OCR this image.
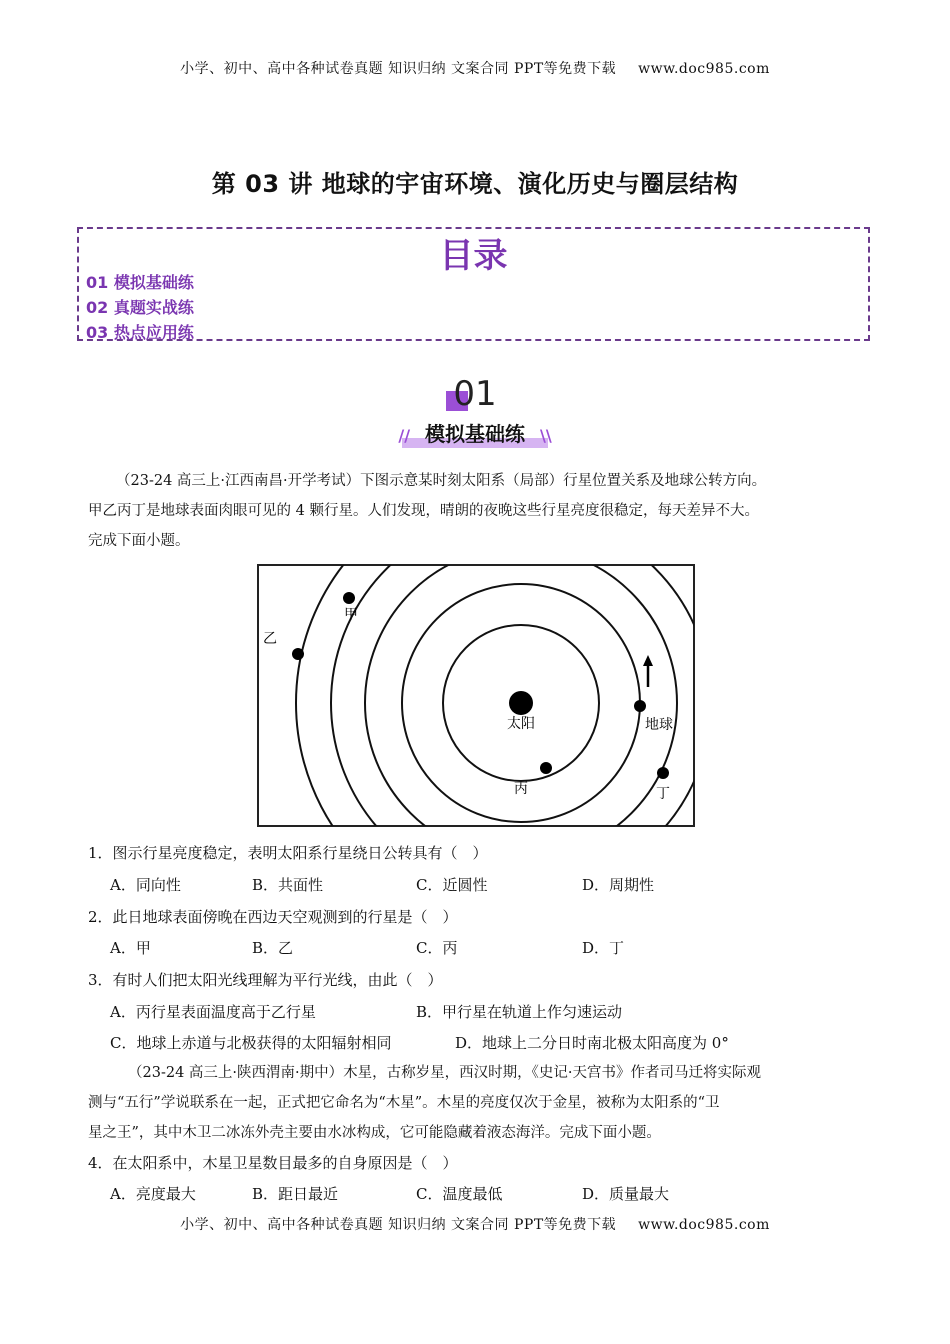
小学、初中、高中各种试卷真题 知识归纳 文案合同 PPT等免费下载 www.doc985.com
第 03 讲 地球的宇宙环境、演化历史与圈层结构
目录
01 模拟基础练
02 真题实战练
03 热点应用练
01
// 模拟基础练 \\
（23-24 高三上·江西南昌·开学考试）下图示意某时刻太阳系（局部）行星位置关系及地球公转方向。
甲乙丙丁是地球表面肉眼可见的 4 颗行星。人们发现，晴朗的夜晚这些行星亮度很稳定，每天差异不大。
完成下面小题。
太阳
丙
地球
甲
乙
丁
1．图示行星亮度稳定，表明太阳系行星绕日公转具有（　）
A．同向性	B．共面性	C．近圆性	D．周期性
2．此日地球表面傍晚在西边天空观测到的行星是（　）
A．甲	B．乙	C．丙	D．丁
3．有时人们把太阳光线理解为平行光线，由此（　）
A．丙行星表面温度高于乙行星	B．甲行星在轨道上作匀速运动
C．地球上赤道与北极获得的太阳辐射相同	D．地球上二分日时南北极太阳高度为 0°
（23-24 高三上·陕西渭南·期中）木星，古称岁星，西汉时期，《史记·天宫书》作者司马迁将实际观
测与“五行”学说联系在一起，正式把它命名为“木星”。木星的亮度仅次于金星，被称为太阳系的“卫
星之王”，其中木卫二冰冻外壳主要由水冰构成，它可能隐藏着液态海洋。完成下面小题。
4．在太阳系中，木星卫星数目最多的自身原因是（　）
A．亮度最大	B．距日最近	C．温度最低	D．质量最大
小学、初中、高中各种试卷真题 知识归纳 文案合同 PPT等免费下载 www.doc985.com
